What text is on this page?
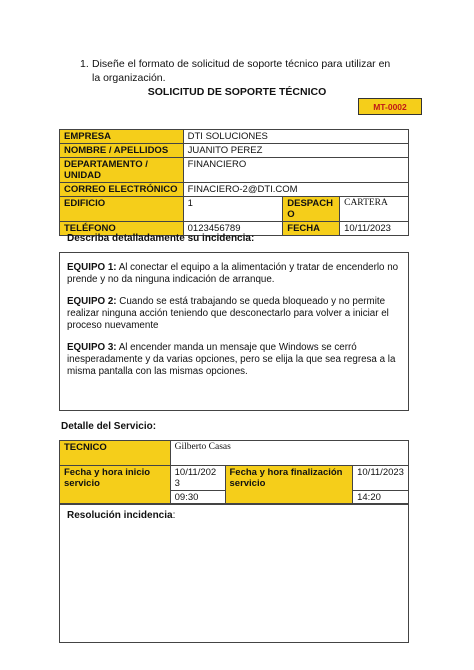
1. Diseñe el formato de solicitud de soporte técnico para utilizar en la organización.
SOLICITUD DE SOPORTE TÉCNICO
MT-0002
EMPRESA	DTI SOLUCIONES		
NOMBRE / APELLIDOS	JUANITO PEREZ		
DEPARTAMENTO / UNIDAD	FINANCIERO		
CORREO ELECTRÓNICO	FINACIERO-2@DTI.COM		
EDIFICIO	1	DESPACHO	CARTERA
TELÉFONO	0123456789	FECHA	10/11/2023
Describa detalladamente su incidencia:

EQUIPO 1: Al conectar el equipo a la alimentación y tratar de encenderlo no prende y no da ninguna indicación de arranque.

EQUIPO 2: Cuando se está trabajando se queda bloqueado y no permite realizar ninguna acción teniendo que desconectarlo para volver a iniciar el proceso nuevamente

EQUIPO 3: Al encender manda un mensaje que Windows se cerró inesperadamente y da varias opciones, pero se elija la que sea regresa a la misma pantalla con las mismas opciones.

Detalle del Servicio:
TECNICO	Gilberto Casas		
Fecha y hora inicio servicio	10/11/2023	Fecha y hora finalización servicio	10/11/2023
	09:30		14:20
Resolución incidencia:
